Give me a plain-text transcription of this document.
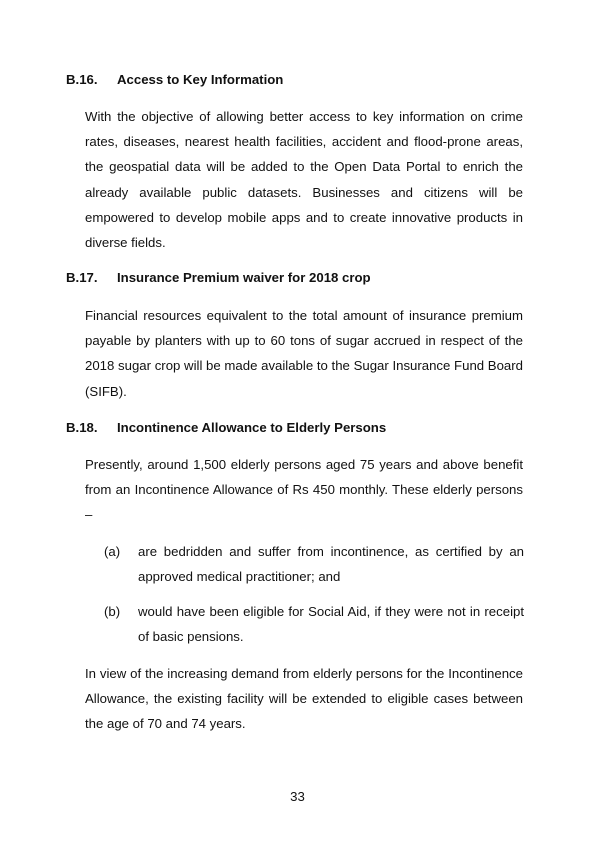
B.16. Access to Key Information

With the objective of allowing better access to key information on crime rates, diseases, nearest health facilities, accident and flood-prone areas, the geospatial data will be added to the Open Data Portal to enrich the already available public datasets. Businesses and citizens will be empowered to develop mobile apps and to create innovative products in diverse fields.

B.17. Insurance Premium waiver for 2018 crop

Financial resources equivalent to the total amount of insurance premium payable by planters with up to 60 tons of sugar accrued in respect of the 2018 sugar crop will be made available to the Sugar Insurance Fund Board (SIFB).

B.18. Incontinence Allowance to Elderly Persons

Presently, around 1,500 elderly persons aged 75 years and above benefit from an Incontinence Allowance of Rs 450 monthly. These elderly persons –

(a) are bedridden and suffer from incontinence, as certified by an approved medical practitioner; and
(b) would have been eligible for Social Aid, if they were not in receipt of basic pensions.

In view of the increasing demand from elderly persons for the Incontinence Allowance, the existing facility will be extended to eligible cases between the age of 70 and 74 years.

33
